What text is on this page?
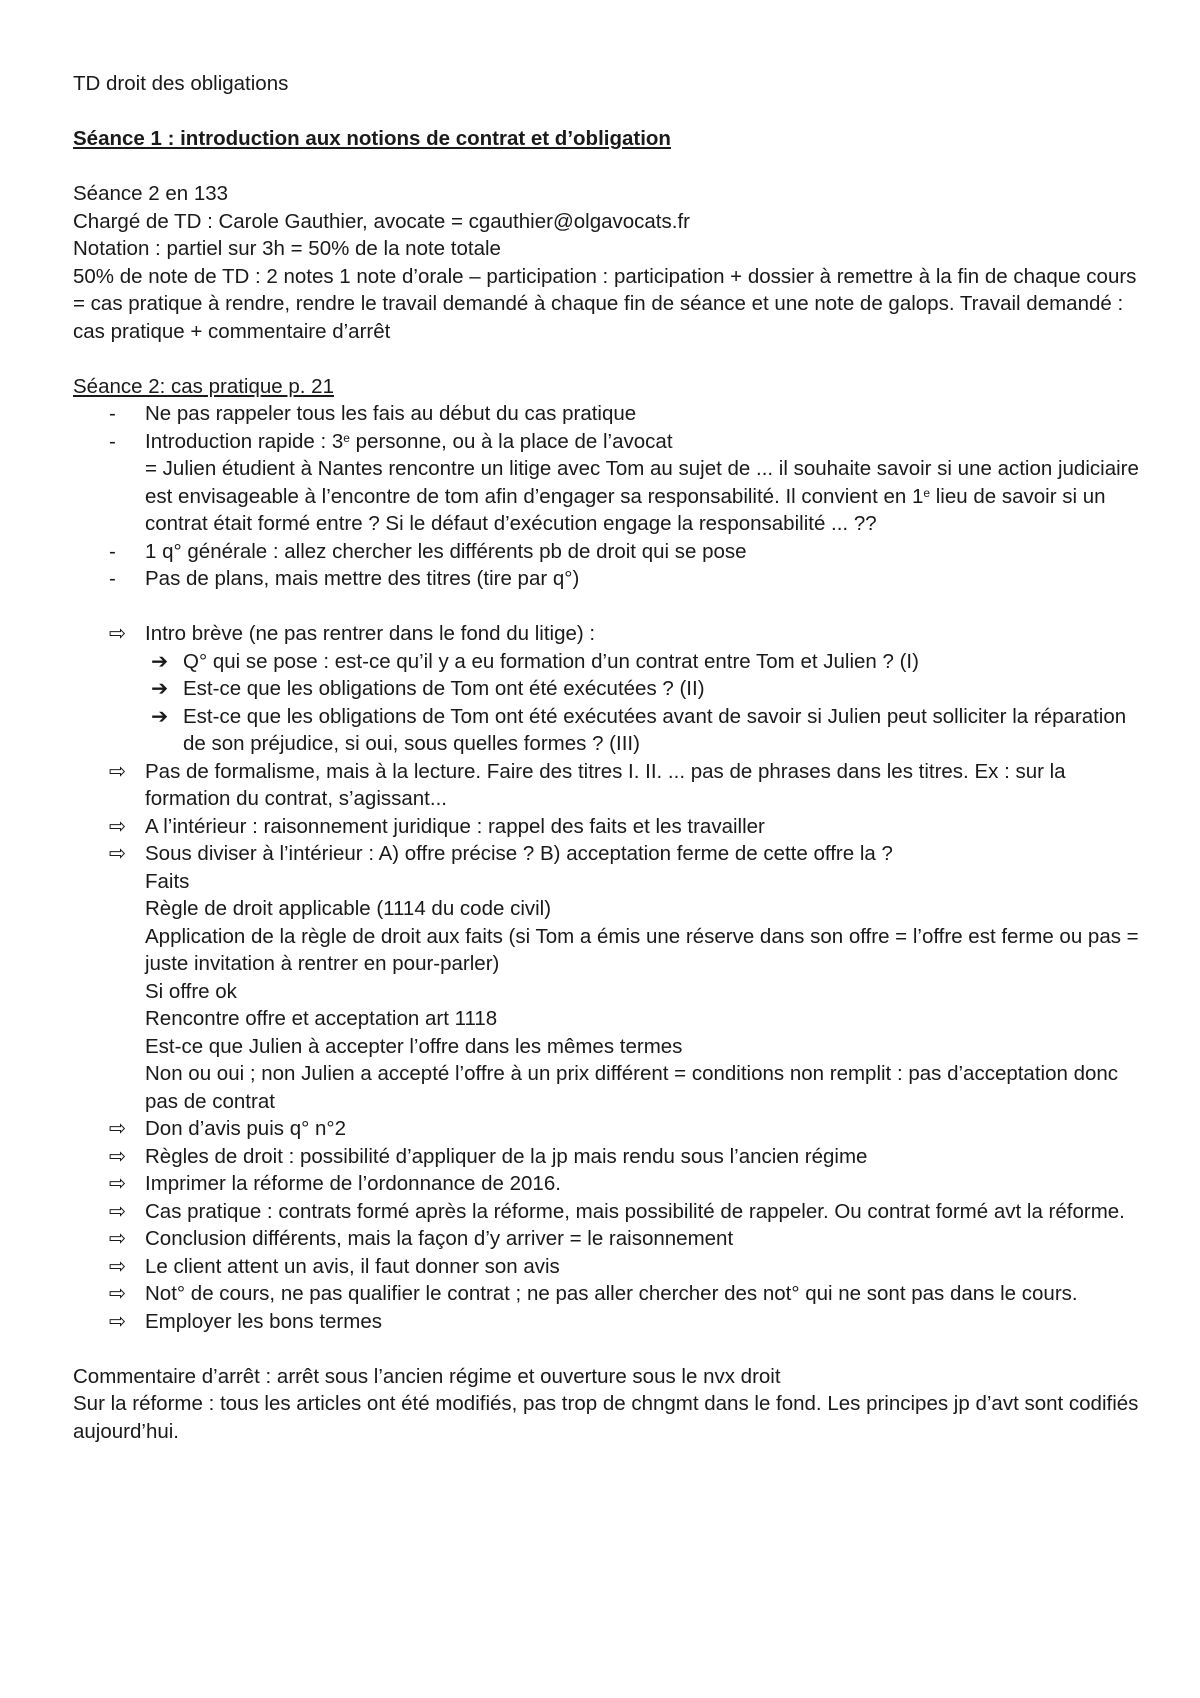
TD droit des obligations
Séance 1 : introduction aux notions de contrat et d’obligation
Séance 2 en 133
Chargé de TD : Carole Gauthier, avocate = cgauthier@olgavocats.fr
Notation : partiel sur 3h = 50% de la note totale
50% de note de TD : 2 notes 1 note d’orale – participation : participation + dossier à remettre à la fin de chaque cours = cas pratique à rendre, rendre le travail demandé à chaque fin de séance et une note de galops. Travail demandé : cas pratique + commentaire d’arrêt
Séance 2: cas pratique p. 21
-	Ne pas rappeler tous les fais au début du cas pratique
-	Introduction rapide : 3e personne, ou à la place de l’avocat
= Julien étudient à Nantes rencontre un litige avec Tom au sujet de ... il souhaite savoir si une action judiciaire est envisageable à l’encontre de tom afin d’engager sa responsabilité. Il convient en 1e lieu de savoir si un contrat était formé entre ? Si le défaut d’exécution engage la responsabilité ... ??
-	1 q° générale : allez chercher les différents pb de droit qui se pose
-	Pas de plans, mais mettre des titres (tire par q°)
⇨ Intro brève (ne pas rentrer dans le fond du litige) :
➔ Q° qui se pose : est-ce qu’il y a eu formation d’un contrat entre Tom et Julien ? (I)
➔ Est-ce que les obligations de Tom ont été exécutées ? (II)
➔ Est-ce que les obligations de Tom ont été exécutées avant de savoir si Julien peut solliciter la réparation de son préjudice, si oui, sous quelles formes ? (III)
⇨ Pas de formalisme, mais à la lecture. Faire des titres I. II. ... pas de phrases dans les titres. Ex : sur la formation du contrat, s’agissant...
⇨ A l’intérieur : raisonnement juridique : rappel des faits et les travailler
⇨ Sous diviser à l’intérieur : A) offre précise ? B) acceptation ferme de cette offre la ?
Faits
Règle de droit applicable (1114 du code civil)
Application de la règle de droit aux faits (si Tom a émis une réserve dans son offre = l’offre est ferme ou pas = juste invitation à rentrer en pour-parler)
Si offre ok
Rencontre offre et acceptation art 1118
Est-ce que Julien à accepter l’offre dans les mêmes termes
Non ou oui ; non Julien a accepté l’offre à un prix différent = conditions non remplit : pas d’acceptation donc pas de contrat
⇨ Don d’avis puis q° n°2
⇨ Règles de droit : possibilité d’appliquer de la jp mais rendu sous l’ancien régime
⇨ Imprimer la réforme de l’ordonnance de 2016.
⇨ Cas pratique : contrats formé après la réforme, mais possibilité de rappeler. Ou contrat formé avt la réforme.
⇨ Conclusion différents, mais la façon d’y arriver = le raisonnement
⇨ Le client attent un avis, il faut donner son avis
⇨ Not° de cours, ne pas qualifier le contrat ; ne pas aller chercher des not° qui ne sont pas dans le cours.
⇨ Employer les bons termes
Commentaire d’arrêt : arrêt sous l’ancien régime et ouverture sous le nvx droit
Sur la réforme : tous les articles ont été modifiés, pas trop de chngmt dans le fond. Les principes jp d’avt sont codifiés aujourd’hui.
